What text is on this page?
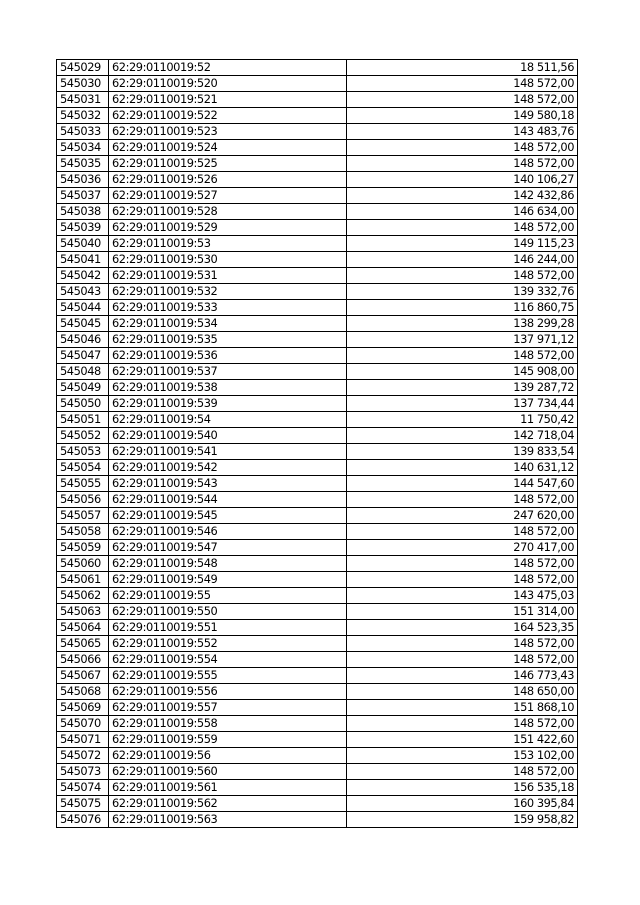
545029	62:29:0110019:52	18 511,56
545030	62:29:0110019:520	148 572,00
545031	62:29:0110019:521	148 572,00
545032	62:29:0110019:522	149 580,18
545033	62:29:0110019:523	143 483,76
545034	62:29:0110019:524	148 572,00
545035	62:29:0110019:525	148 572,00
545036	62:29:0110019:526	140 106,27
545037	62:29:0110019:527	142 432,86
545038	62:29:0110019:528	146 634,00
545039	62:29:0110019:529	148 572,00
545040	62:29:0110019:53	149 115,23
545041	62:29:0110019:530	146 244,00
545042	62:29:0110019:531	148 572,00
545043	62:29:0110019:532	139 332,76
545044	62:29:0110019:533	116 860,75
545045	62:29:0110019:534	138 299,28
545046	62:29:0110019:535	137 971,12
545047	62:29:0110019:536	148 572,00
545048	62:29:0110019:537	145 908,00
545049	62:29:0110019:538	139 287,72
545050	62:29:0110019:539	137 734,44
545051	62:29:0110019:54	11 750,42
545052	62:29:0110019:540	142 718,04
545053	62:29:0110019:541	139 833,54
545054	62:29:0110019:542	140 631,12
545055	62:29:0110019:543	144 547,60
545056	62:29:0110019:544	148 572,00
545057	62:29:0110019:545	247 620,00
545058	62:29:0110019:546	148 572,00
545059	62:29:0110019:547	270 417,00
545060	62:29:0110019:548	148 572,00
545061	62:29:0110019:549	148 572,00
545062	62:29:0110019:55	143 475,03
545063	62:29:0110019:550	151 314,00
545064	62:29:0110019:551	164 523,35
545065	62:29:0110019:552	148 572,00
545066	62:29:0110019:554	148 572,00
545067	62:29:0110019:555	146 773,43
545068	62:29:0110019:556	148 650,00
545069	62:29:0110019:557	151 868,10
545070	62:29:0110019:558	148 572,00
545071	62:29:0110019:559	151 422,60
545072	62:29:0110019:56	153 102,00
545073	62:29:0110019:560	148 572,00
545074	62:29:0110019:561	156 535,18
545075	62:29:0110019:562	160 395,84
545076	62:29:0110019:563	159 958,82
